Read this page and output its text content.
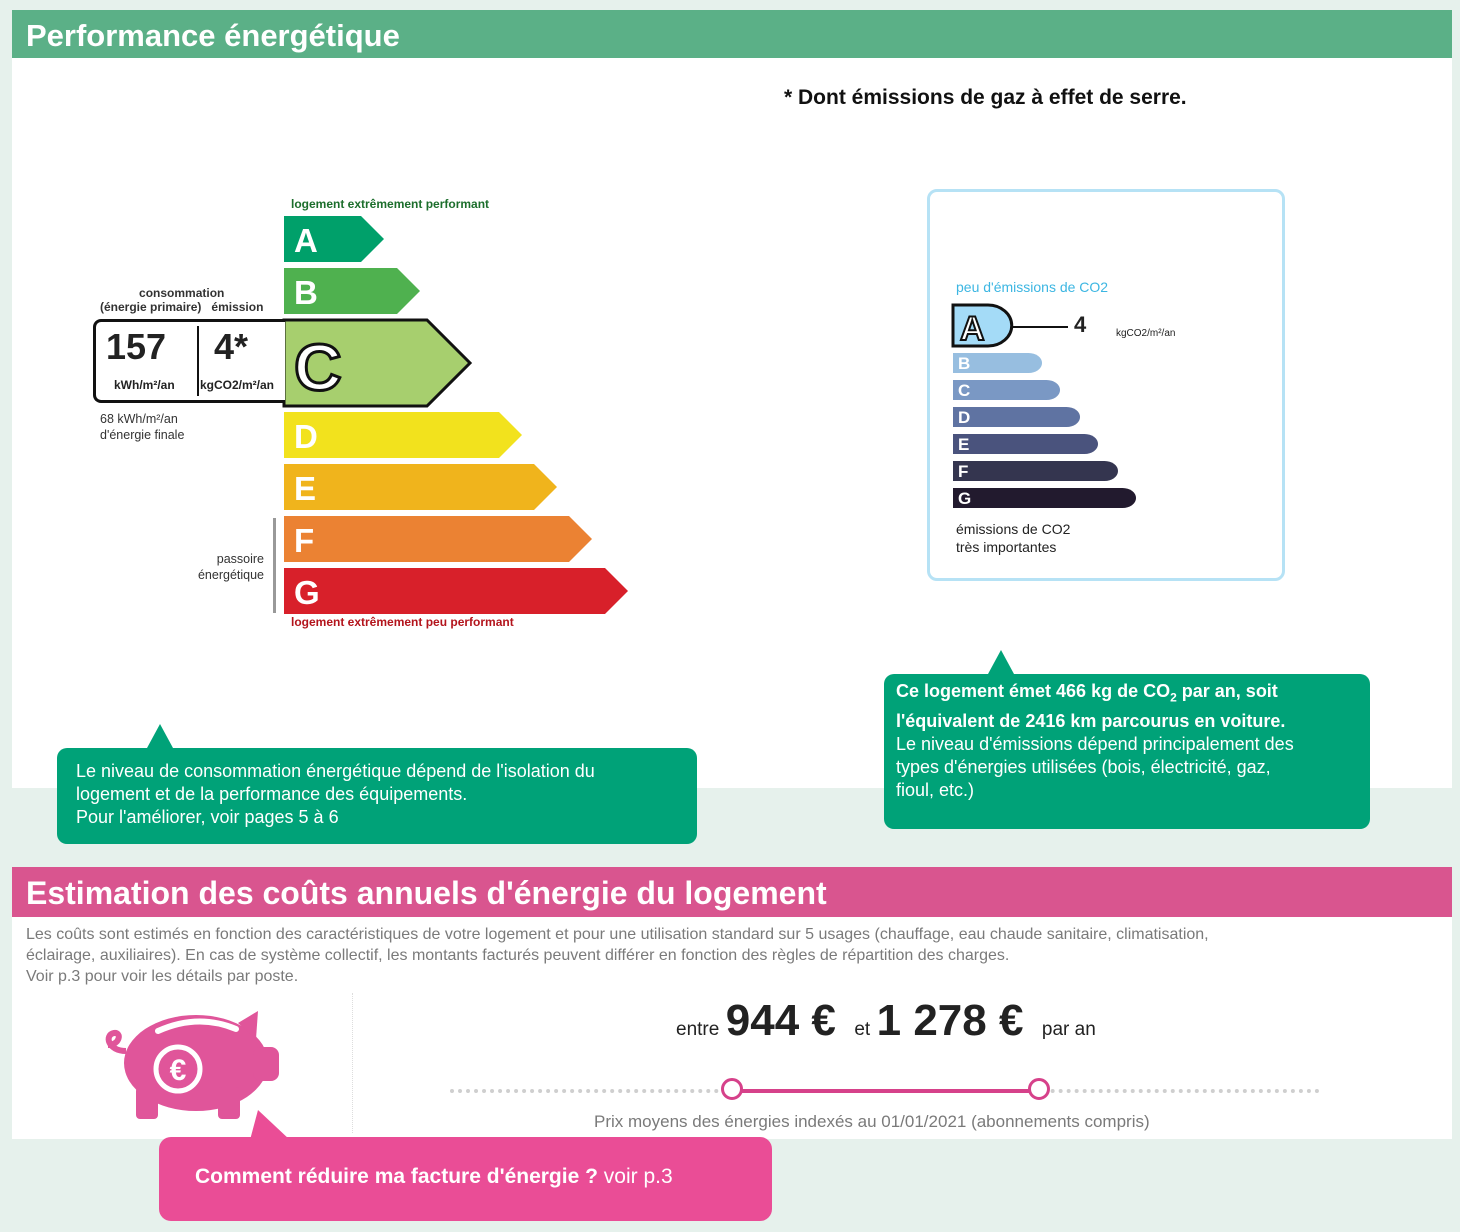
Performance énergétique
* Dont émissions de gaz à effet de serre.
logement extrêmement performant
A
B
C
D
E
F
G
consommation
(énergie primaire) émission
157
kWh/m²/an
4*
kgCO2/m²/an
68 kWh/m²/an
d'énergie finale
passoire
énergétique
logement extrêmement peu performant
peu d'émissions de CO2
A
B
C
D
E
F
G
4	kgCO2/m²/an
émissions de CO2
très importantes
Le niveau de consommation énergétique dépend de l'isolation du
logement et de la performance des équipements.
Pour l'améliorer, voir pages 5 à 6
Ce logement émet 466 kg de $CO_2$ par an, soit
l'équivalent de 2416 km parcourus en voiture.
Le niveau d'émissions dépend principalement des
types d'énergies utilisées (bois, électricité, gaz,
fioul, etc.)
Estimation des coûts annuels d'énergie du logement
Les coûts sont estimés en fonction des caractéristiques de votre logement et pour une utilisation standard sur 5 usages (chauffage, eau chaude sanitaire, climatisation,
éclairage, auxiliaires). En cas de système collectif, les montants facturés peuvent différer en fonction des règles de répartition des charges.
Voir p.3 pour voir les détails par poste.
€
entre 944 € et 1 278 € par an
Prix moyens des énergies indexés au 01/01/2021 (abonnements compris)
Comment réduire ma facture d'énergie ? voir p.3
